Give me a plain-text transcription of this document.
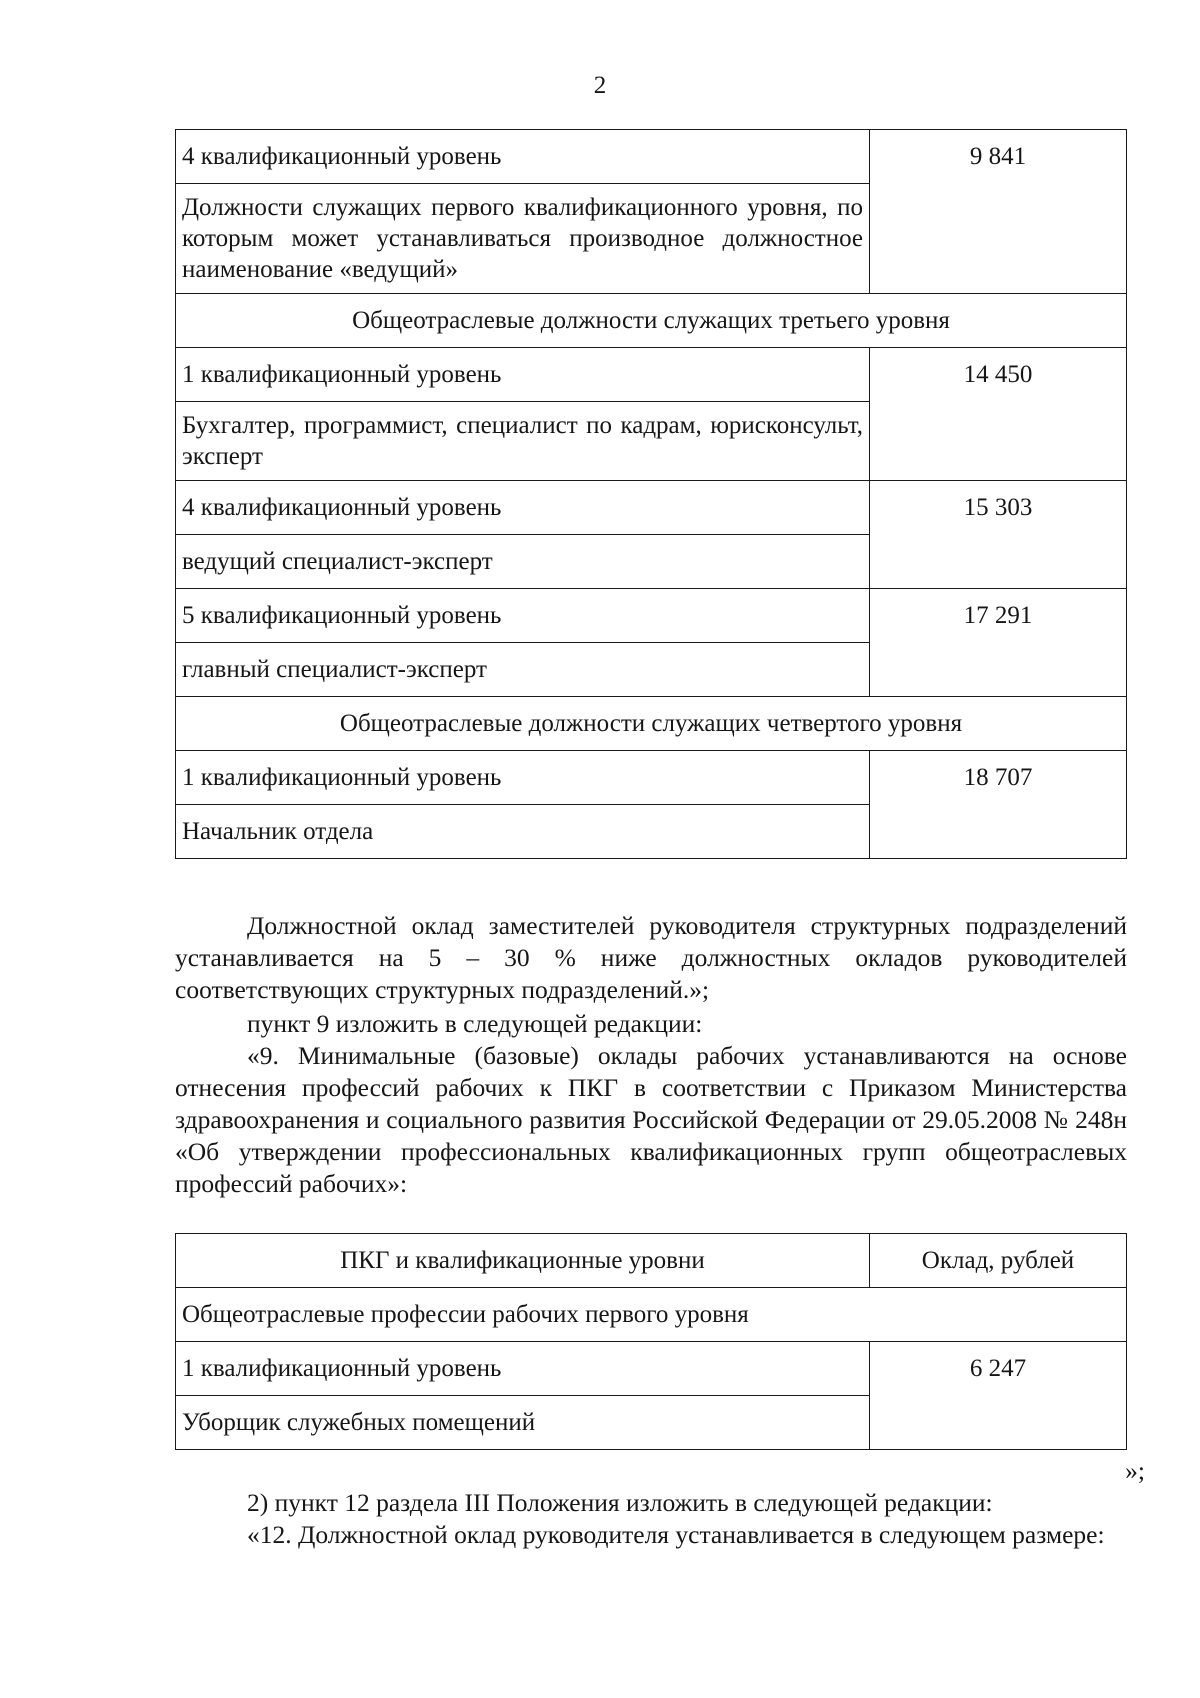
2
4 квалификационный уровень	9 841
Должности служащих первого квалификационного уровня, по которым может устанавливаться производное должностное наименование «ведущий»	
Общеотраслевые должности служащих третьего уровня	
1 квалификационный уровень	14 450
Бухгалтер, программист, специалист по кадрам, юрисконсульт, эксперт	
4 квалификационный уровень	15 303
ведущий специалист-эксперт	
5 квалификационный уровень	17 291
главный специалист-эксперт	
Общеотраслевые должности служащих четвертого уровня	
1 квалификационный уровень	18 707
Начальник отдела	
Должностной оклад заместителей руководителя структурных подразделений устанавливается на 5 – 30 % ниже должностных окладов руководителей соответствующих структурных подразделений.»;
пункт 9 изложить в следующей редакции:
«9. Минимальные (базовые) оклады рабочих устанавливаются на основе отнесения профессий рабочих к ПКГ в соответствии с Приказом Министерства здравоохранения и социального развития Российской Федерации от 29.05.2008 № 248н «Об утверждении профессиональных квалификационных групп общеотраслевых профессий рабочих»:
ПКГ и квалификационные уровни	Оклад, рублей
Общеотраслевые профессии рабочих первого уровня	
1 квалификационный уровень	6 247
Уборщик служебных помещений	
»;
2) пункт 12 раздела III Положения изложить в следующей редакции:
«12. Должностной оклад руководителя устанавливается в следующем размере:
